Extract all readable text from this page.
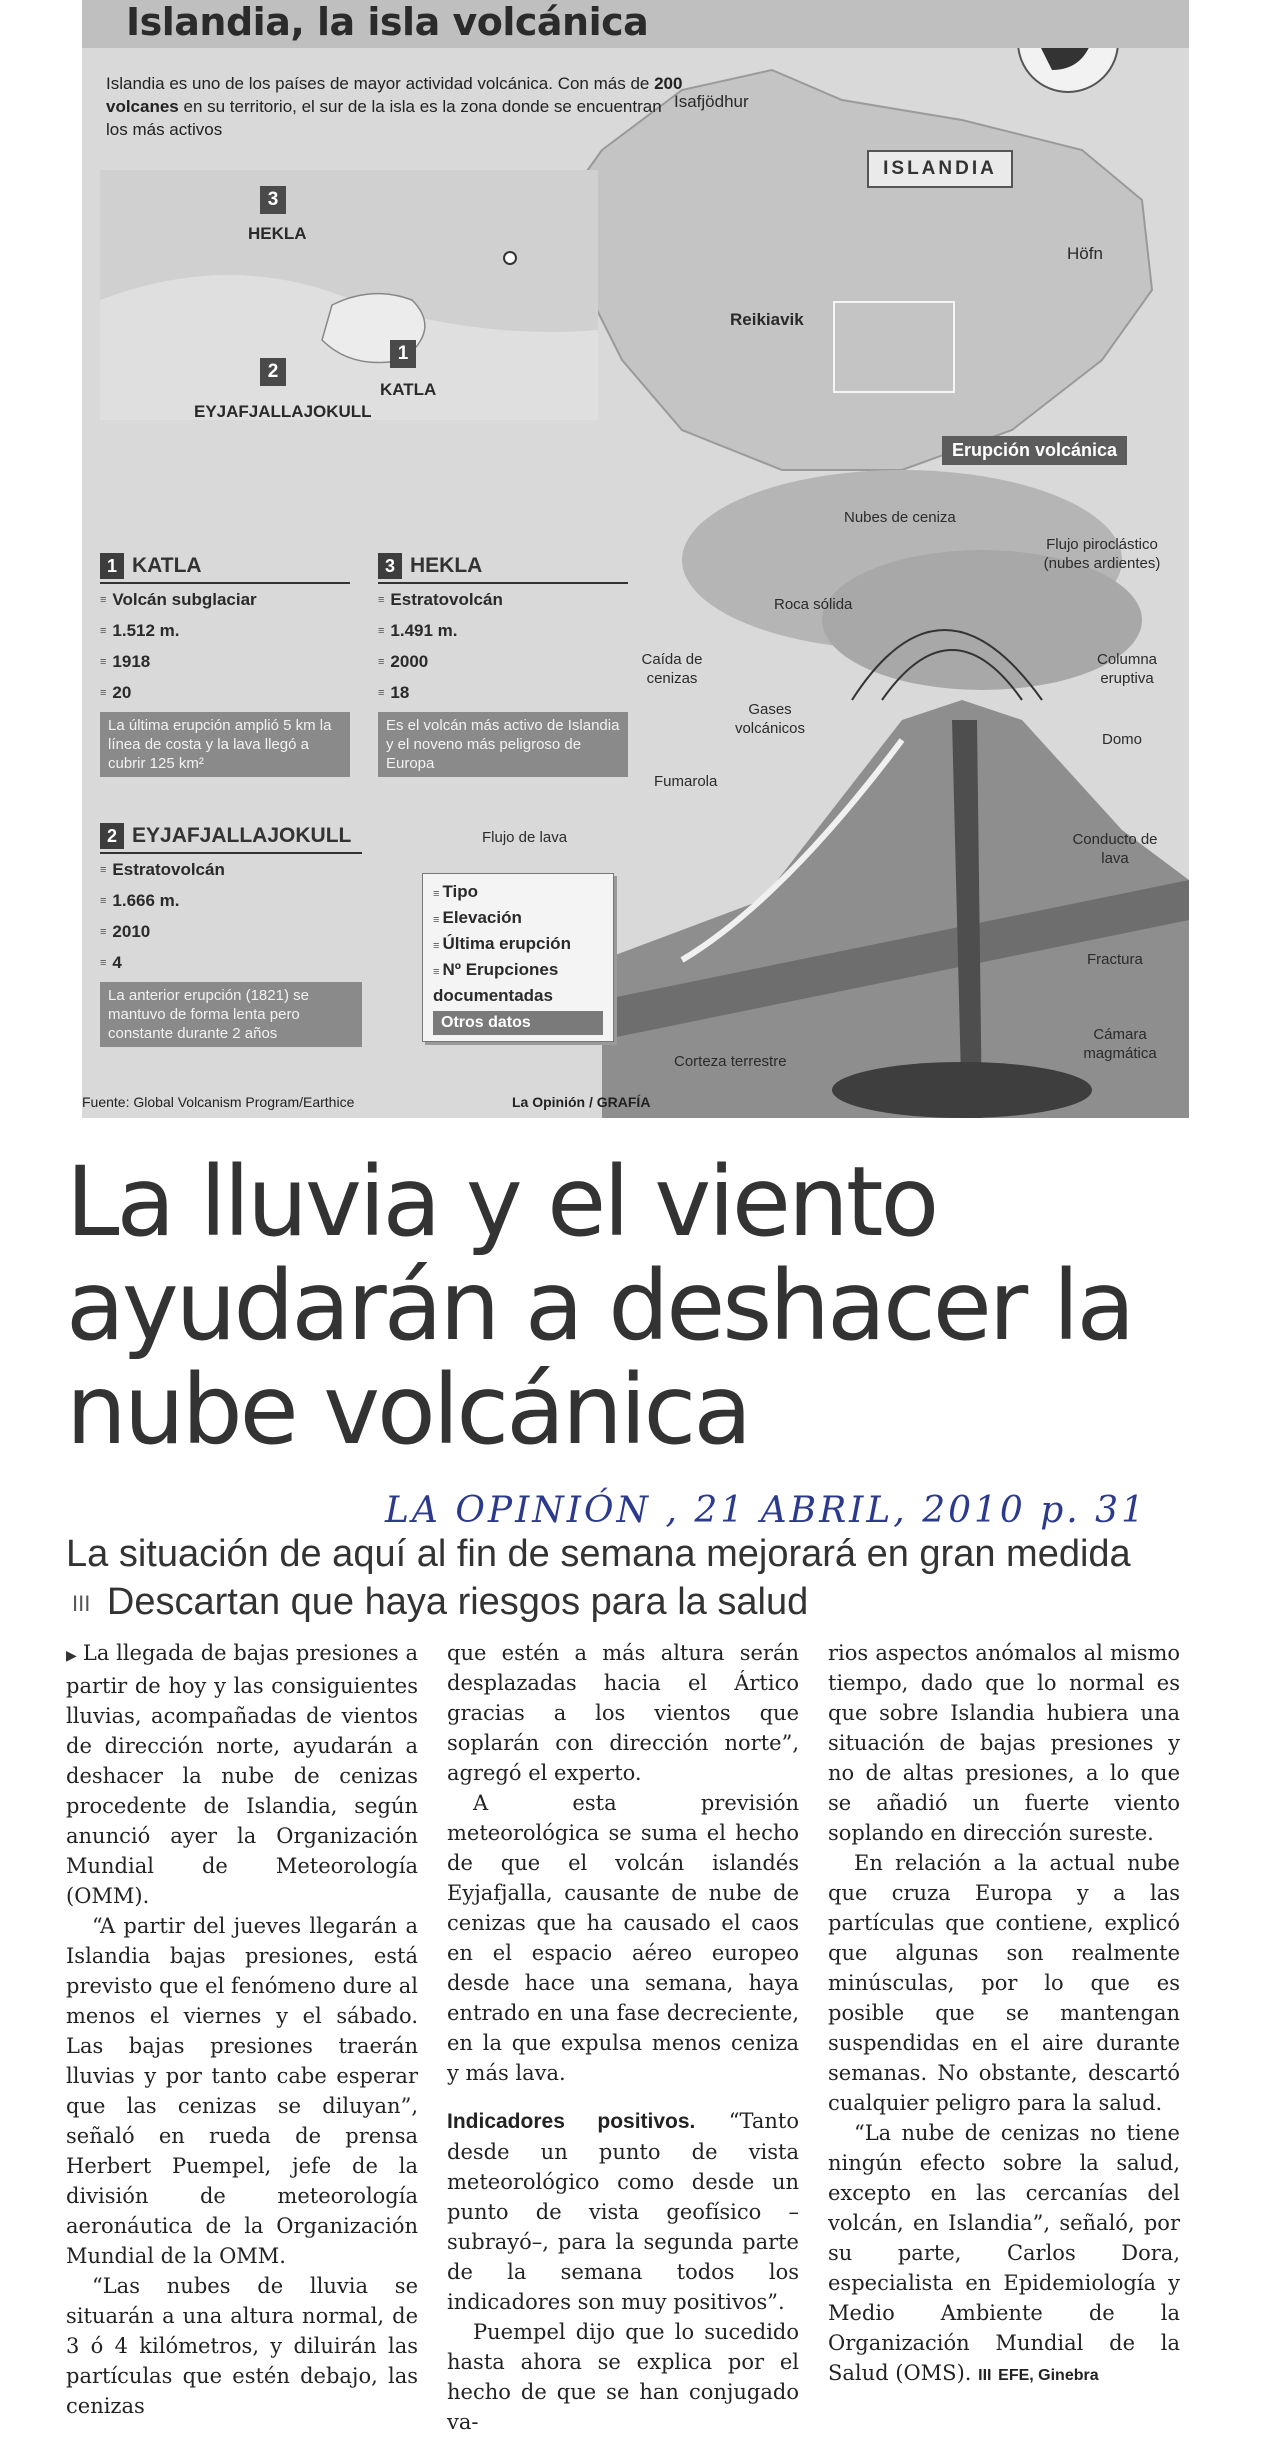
Islandia, la isla volcánica
Islandia es uno de los países de mayor actividad volcánica. Con más de 200 volcanes en su territorio, el sur de la isla es la zona donde se encuentran los más activos
ISLANDIA
Isafjödhur
Reikiavik
Höfn
3
HEKLA
1
KATLA
2
EYJAFJALLAJOKULL
Erupción volcánica
Nubes de ceniza
Flujo piroclástico (nubes ardientes)
Roca sólida
Caída de cenizas
Columna eruptiva
Gases volcánicos
Domo
Fumarola
Conducto de lava
Flujo de lava
Fractura
Cámara magmática
Corteza terrestre
1 KATLA
≡ Volcán subglaciar
≡ 1.512 m.
≡ 1918
≡ 20
La última erupción amplió 5 km la línea de costa y la lava llegó a cubrir 125 km²
3 HEKLA
≡ Estratovolcán
≡ 1.491 m.
≡ 2000
≡ 18
Es el volcán más activo de Islandia y el noveno más peligroso de Europa
2 EYJAFJALLAJOKULL
≡ Estratovolcán
≡ 1.666 m.
≡ 2010
≡ 4
La anterior erupción (1821) se mantuvo de forma lenta pero constante durante 2 años
≡ Tipo
≡ Elevación
≡ Última erupción
≡ Nº Erupciones documentadas
Otros datos
Fuente: Global Volcanism Program/Earthice	La Opinión / GRAFÍA
La lluvia y el viento ayudarán a deshacer la nube volcánica
LA OPINIÓN , 21 ABRIL, 2010 p. 31
La situación de aquí al fin de semana mejorará en gran medida III Descartan que haya riesgos para la salud

▶ La llegada de bajas presiones a partir de hoy y las consiguientes lluvias, acompañadas de vientos de dirección norte, ayudarán a deshacer la nube de cenizas procedente de Islandia, según anunció ayer la Organización Mundial de Meteorología (OMM).

“A partir del jueves llegarán a Islandia bajas presiones, está previsto que el fenómeno dure al menos el viernes y el sábado. Las bajas presiones traerán lluvias y por tanto cabe esperar que las cenizas se diluyan”, señaló en rueda de prensa Herbert Puempel, jefe de la división de meteorología aeronáutica de la Organización Mundial de la OMM.

“Las nubes de lluvia se situarán a una altura normal, de 3 ó 4 kilómetros, y diluirán las partículas que estén debajo, las cenizas

que estén a más altura serán desplazadas hacia el Ártico gracias a los vientos que soplarán con dirección norte”, agregó el experto.

A esta previsión meteorológica se suma el hecho de que el volcán islandés Eyjafjalla, causante de nube de cenizas que ha causado el caos en el espacio aéreo europeo desde hace una semana, haya entrado en una fase decreciente, en la que expulsa menos ceniza y más lava.

Indicadores positivos. “Tanto desde un punto de vista meteorológico como desde un punto de vista geofísico –subrayó–, para la segunda parte de la semana todos los indicadores son muy positivos”.

Puempel dijo que lo sucedido hasta ahora se explica por el hecho de que se han conjugado va-

rios aspectos anómalos al mismo tiempo, dado que lo normal es que sobre Islandia hubiera una situación de bajas presiones y no de altas presiones, a lo que se añadió un fuerte viento soplando en dirección sureste.

En relación a la actual nube que cruza Europa y a las partículas que contiene, explicó que algunas son realmente minúsculas, por lo que es posible que se mantengan suspendidas en el aire durante semanas. No obstante, descartó cualquier peligro para la salud.

“La nube de cenizas no tiene ningún efecto sobre la salud, excepto en las cercanías del volcán, en Islandia”, señaló, por su parte, Carlos Dora, especialista en Epidemiología y Medio Ambiente de la Organización Mundial de la Salud (OMS). III EFE, Ginebra
